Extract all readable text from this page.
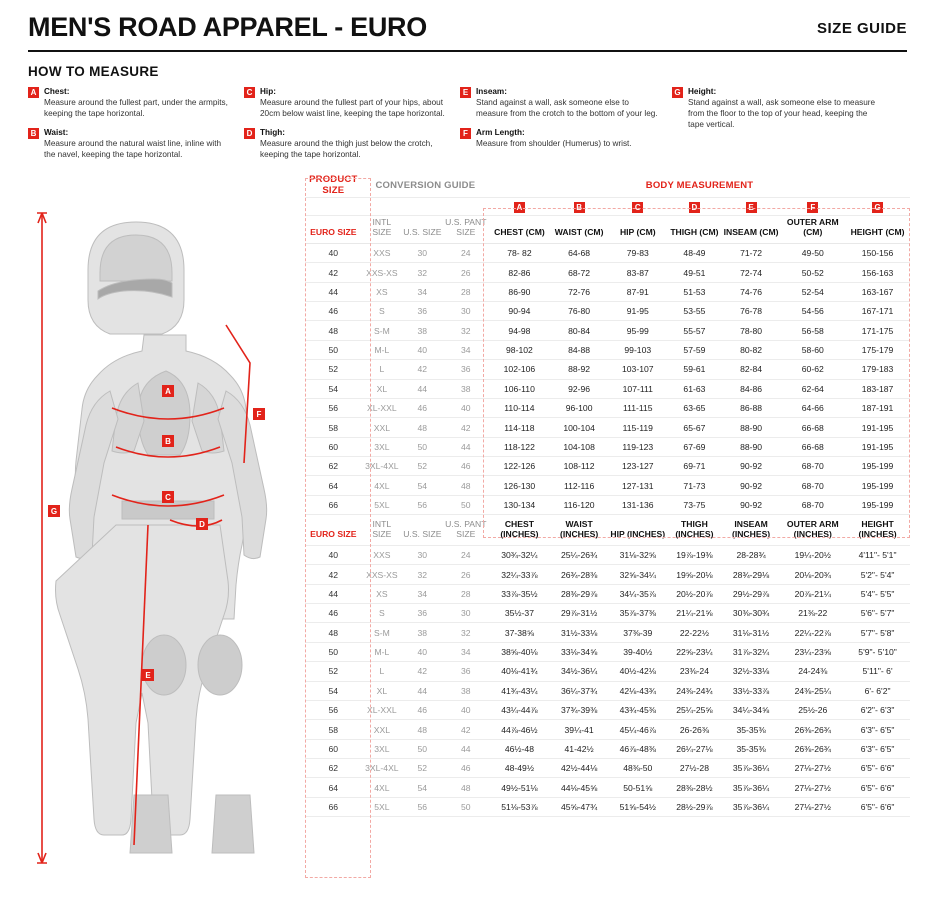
MEN'S ROAD APPAREL - EURO	SIZE GUIDE
HOW TO MEASURE
A Chest:
Measure around the fullest part, under the armpits, keeping the tape horizontal.
B Waist:
Measure around the natural waist line, inline with the navel, keeping the tape horizontal.
C Hip:
Measure around the fullest part of your hips, about 20cm below waist line, keeping the tape horizontal.
D Thigh:
Measure around the thigh just below the crotch, keeping the tape horizontal.
E Inseam:
Stand against a wall, ask someone else to measure from the crotch to the bottom of your leg.
F Arm Length:
Measure from shoulder (Humerus) to wrist.
G Height:
Stand against a wall, ask someone else to measure from the floor to the top of your head, keeping the tape vertical.
A
B
C
D
E
F
G
PRODUCT SIZE	CONVERSION GUIDE			BODY MEASUREMENT						
				A	B	C	D	E	F	G
EURO SIZE	INTL SIZE	U.S. SIZE	U.S. PANT SIZE	CHEST (CM)	WAIST (CM)	HIP (CM)	THIGH (CM)	INSEAM (CM)	OUTER ARM (CM)	HEIGHT (CM)
40	XXS	30	24	78- 82	64-68	79-83	48-49	71-72	49-50	150-156
42	XXS-XS	32	26	82-86	68-72	83-87	49-51	72-74	50-52	156-163
44	XS	34	28	86-90	72-76	87-91	51-53	74-76	52-54	163-167
46	S	36	30	90-94	76-80	91-95	53-55	76-78	54-56	167-171
48	S-M	38	32	94-98	80-84	95-99	55-57	78-80	56-58	171-175
50	M-L	40	34	98-102	84-88	99-103	57-59	80-82	58-60	175-179
52	L	42	36	102-106	88-92	103-107	59-61	82-84	60-62	179-183
54	XL	44	38	106-110	92-96	107-111	61-63	84-86	62-64	183-187
56	XL-XXL	46	40	110-114	96-100	111-115	63-65	86-88	64-66	187-191
58	XXL	48	42	114-118	100-104	115-119	65-67	88-90	66-68	191-195
60	3XL	50	44	118-122	104-108	119-123	67-69	88-90	66-68	191-195
62	3XL-4XL	52	46	122-126	108-112	123-127	69-71	90-92	68-70	195-199
64	4XL	54	48	126-130	112-116	127-131	71-73	90-92	68-70	195-199
66	5XL	56	50	130-134	116-120	131-136	73-75	90-92	68-70	195-199
EURO SIZE	INTL SIZE	U.S. SIZE	U.S. PANT SIZE	CHEST (INCHES)	WAIST (INCHES)	HIP (INCHES)	THIGH (INCHES)	INSEAM (INCHES)	OUTER ARM (INCHES)	HEIGHT (INCHES)
40	XXS	30	24	30¾-32¼	25¼-26¾	31⅛-32⅝	19⅞-19⅜	28-28¾	19¼-20½	4'11"- 5'1"
42	XXS-XS	32	26	32¼-33⅞	26¾-28⅜	32⅝-34¼	19⅝-20⅛	28¾-29⅛	20⅛-20¾	5'2"- 5'4"
44	XS	34	28	33⅞-35½	28⅜-29⅞	34¼-35⅞	20½-20⅞	29½-29⅞	20⅞-21¼	5'4"- 5'5"
46	S	36	30	35½-37	29⅞-31½	35⅞-37⅜	21¼-21⅝	30⅜-30¾	21⅜-22	5'6"- 5'7"
48	S-M	38	32	37-38⅝	31½-33⅛	37⅜-39	22-22½	31⅛-31½	22¼-22⅞	5'7"- 5'8"
50	M-L	40	34	38⅝-40⅛	33⅛-34⅝	39-40½	22⅝-23¼	31⅞-32¼	23¼-23⅝	5'9"- 5'10"
52	L	42	36	40⅛-41¾	34½-36¼	40½-42⅛	23⅜-24	32½-33⅛	24-24⅜	5'11"- 6'
54	XL	44	38	41¾-43¼	36¼-37¾	42⅛-43¾	24⅜-24¾	33½-33⅞	24⅜-25¼	6'- 6'2"
56	XL-XXL	46	40	43¼-44⅞	37¾-39⅜	43¾-45⅜	25¼-25⅝	34¼-34⅝	25½-26	6'2"- 6'3"
58	XXL	48	42	44⅞-46½	39¼-41	45¼-46⅞	26-26⅜	35-35⅜	26⅜-26¾	6'3"- 6'5"
60	3XL	50	44	46½-48	41-42½	46⅞-48⅜	26¼-27⅛	35-35⅜	26⅜-26¾	6'3"- 6'5"
62	3XL-4XL	52	46	48-49½	42½-44⅛	48⅜-50	27½-28	35⅞-36¼	27⅛-27½	6'5"- 6'6"
64	4XL	54	48	49½-51⅛	44⅛-45⅝	50-51⅝	28⅜-28½	35⅞-36¼	27⅛-27½	6'5"- 6'6"
66	5XL	56	50	51⅛-53⅞	45⅝-47¾	51⅝-54½	28½-29⅞	35⅞-36¼	27⅛-27½	6'5"- 6'6"
